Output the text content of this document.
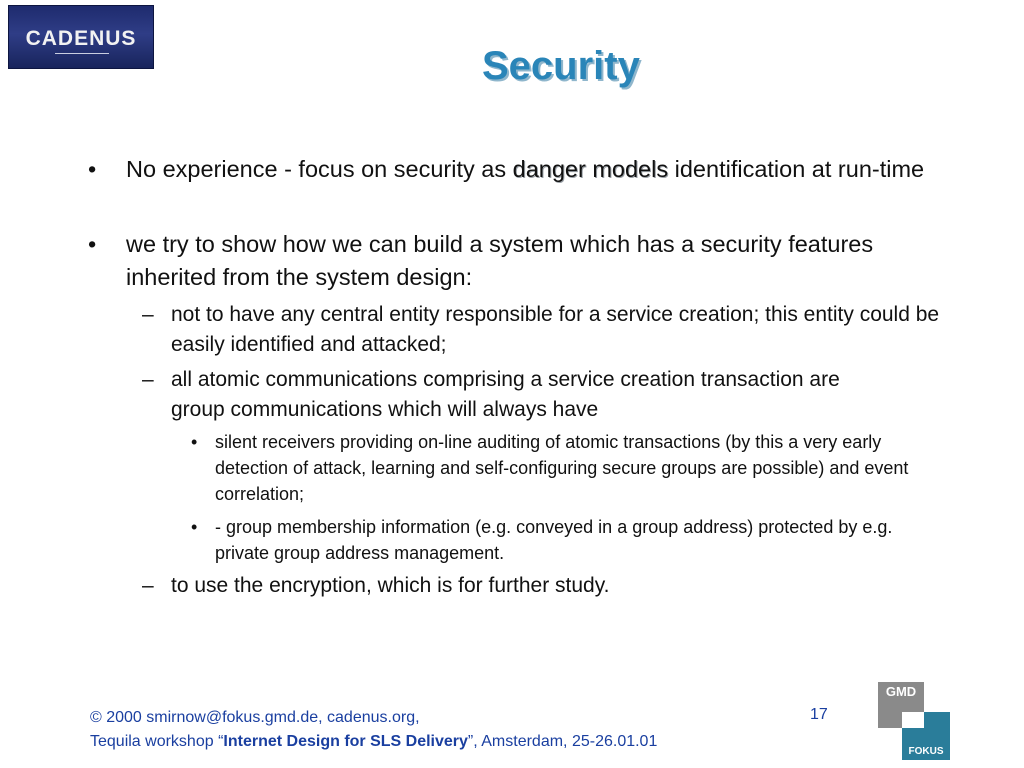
CADENUS
Security
• No experience - focus on security as danger models identification at run-time
• we try to show how we can build a system which has a security features inherited from the system design:
– not to have any central entity responsible for a service creation; this entity could be easily identified and attacked;
– all atomic communications comprising a service creation transaction are group communications which will always have
• silent receivers providing on-line auditing of atomic transactions (by this a very early detection of attack, learning and self-configuring secure groups are possible) and event correlation;
• - group membership information (e.g. conveyed in a group address) protected by e.g. private group address management.
– to use the encryption, which is for further study.
© 2000 smirnow@fokus.gmd.de, cadenus.org,
Tequila workshop “Internet Design for SLS Delivery”, Amsterdam, 25-26.01.01
17
GMD
FOKUS
